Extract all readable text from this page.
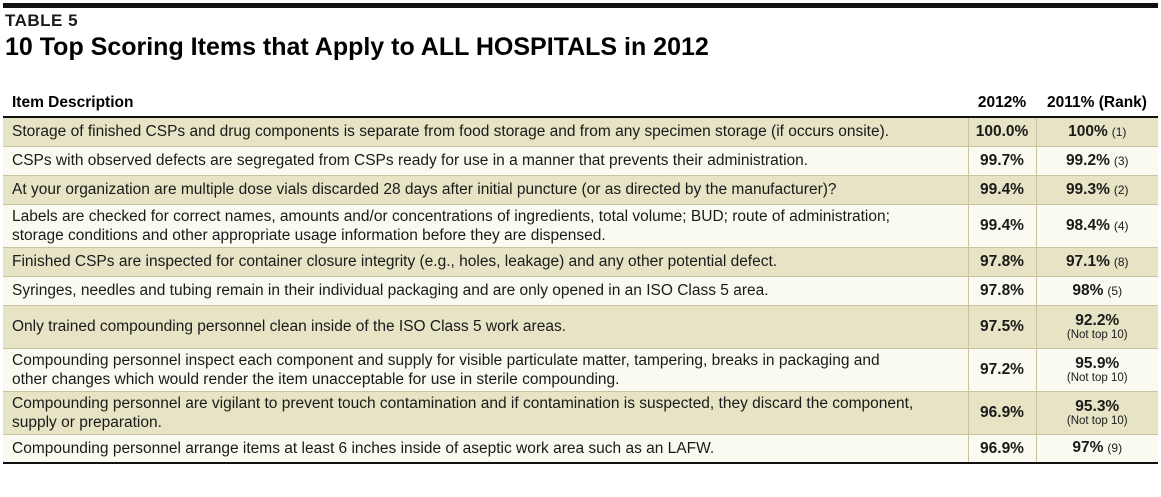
TABLE 5
10 Top Scoring Items that Apply to ALL HOSPITALS in 2012
Item Description	2012%	2011% (Rank)

Storage of finished CSPs and drug components is separate from food storage and from any specimen storage (if occurs onsite).	100.0%	100% (1)

CSPs with observed defects are segregated from CSPs ready for use in a manner that prevents their administration.	99.7%	99.2% (3)

At your organization are multiple dose vials discarded 28 days after initial puncture (or as directed by the manufacturer)?	99.4%	99.3% (2)

Labels are checked for correct names, amounts and/or concentrations of ingredients, total volume; BUD; route of administration;
storage conditions and other appropriate usage information before they are dispensed.	99.4%	98.4% (4)

Finished CSPs are inspected for container closure integrity (e.g., holes, leakage) and any other potential defect.	97.8%	97.1% (8)

Syringes, needles and tubing remain in their individual packaging and are only opened in an ISO Class 5 area.	97.8%	98% (5)

Only trained compounding personnel clean inside of the ISO Class 5 work areas.	97.5%	92.2%
(Not top 10)

Compounding personnel inspect each component and supply for visible particulate matter, tampering, breaks in packaging and
other changes which would render the item unacceptable for use in sterile compounding.	97.2%	95.9%
(Not top 10)

Compounding personnel are vigilant to prevent touch contamination and if contamination is suspected, they discard the component,
supply or preparation.	96.9%	95.3%
(Not top 10)

Compounding personnel arrange items at least 6 inches inside of aseptic work area such as an LAFW.	96.9%	97% (9)
